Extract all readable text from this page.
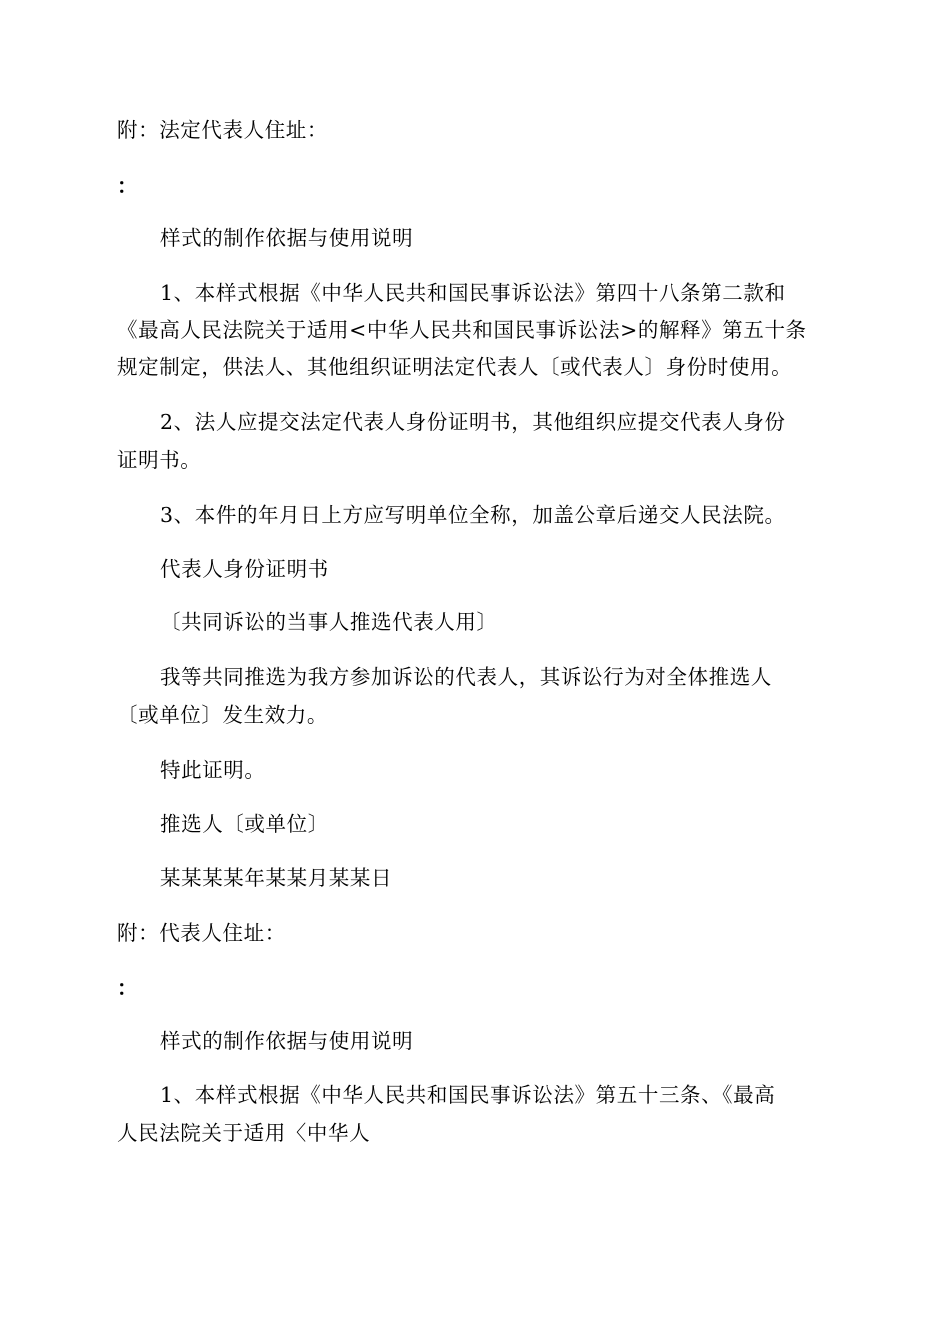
附：法定代表人住址：
：
样式的制作依据与使用说明
1、本样式根据《中华人民共和国民事诉讼法》第四十八条第二款和
《最高人民法院关于适用<中华人民共和国民事诉讼法>的解释》第五十条
规定制定，供法人、其他组织证明法定代表人〔或代表人〕身份时使用。
2、法人应提交法定代表人身份证明书，其他组织应提交代表人身份
证明书。
3、本件的年月日上方应写明单位全称，加盖公章后递交人民法院。
代表人身份证明书
〔共同诉讼的当事人推选代表人用〕
我等共同推选为我方参加诉讼的代表人，其诉讼行为对全体推选人
〔或单位〕发生效力。
特此证明。
推选人〔或单位〕
某某某某年某某月某某日
附：代表人住址：
：
样式的制作依据与使用说明
1、本样式根据《中华人民共和国民事诉讼法》第五十三条、《最高
人民法院关于适用〈中华人
